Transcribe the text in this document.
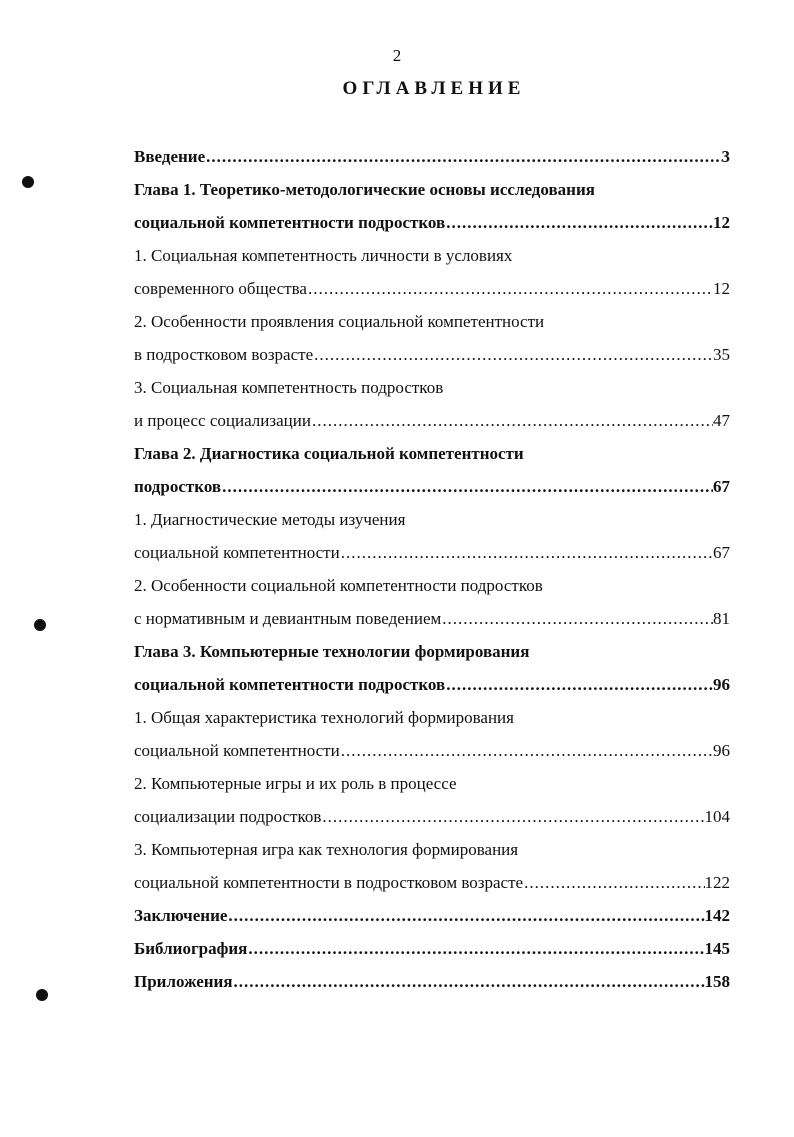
2
ОГЛАВЛЕНИЕ
Введение .....	3
Глава 1. Теоретико-методологические основы исследования
социальной компетентности подростков .....	12
1. Социальная компетентность личности в условиях
современного общества .....	12
2. Особенности проявления социальной компетентности
в подростковом возрасте .....	35
3. Социальная компетентность подростков
и процесс социализации .....	47
Глава 2. Диагностика социальной компетентности
подростков .....	67
1. Диагностические методы изучения
социальной компетентности .....	67
2. Особенности социальной компетентности подростков
с нормативным и девиантным поведением .....	81
Глава 3. Компьютерные технологии формирования
социальной компетентности подростков .....	96
1. Общая характеристика технологий формирования
социальной компетентности .....	96
2. Компьютерные игры и их роль в процессе
социализации подростков .....	104
3. Компьютерная игра как технология формирования
социальной компетентности в подростковом возрасте .....	122
Заключение .....	142
Библиография .....	145
Приложения .....	158
